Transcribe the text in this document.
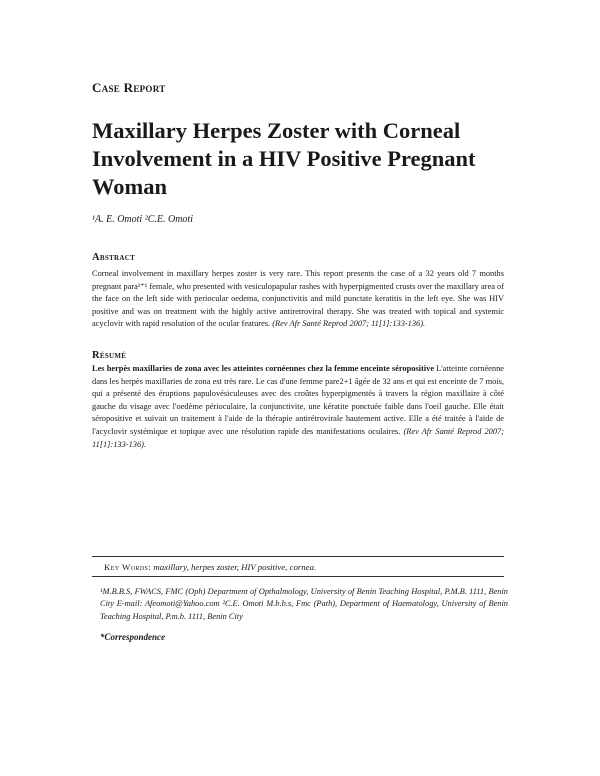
Case Report
Maxillary Herpes Zoster with Corneal Involvement in a HIV Positive Pregnant Woman
¹A. E. Omoti ²C.E. Omoti
Abstract

Corneal involvement in maxillary herpes zoster is very rare. This report presents the case of a 32 years old 7 months pregnant para²⁺¹ female, who presented with vesiculopapular rashes with hyperpigmented crusts over the maxillary area of the face on the left side with periocular oedema, conjunctivitis and mild punctate keratitis in the left eye. She was HIV positive and was on treatment with the highly active antiretroviral therapy. She was treated with topical and systemic acyclovir with rapid resolution of the ocular features. (Rev Afr Santé Reprod 2007; 11[1]:133-136).

Résumé

Les herpès maxillaries de zona avec les atteintes cornéennes chez la femme enceinte séropositive L'atteinte cornéenne dans les herpès maxillaries de zona est très rare. Le cas d'une femme pare2+1 âgée de 32 ans et qui est enceinte de 7 mois, qui a présenté des éruptions papulovésiculeuses avec des croûtes hyperpigmentés à travers la région maxillaire à côté gauche du visage avec l'oedème périoculaire, la conjunctivite, une kératite ponctuée faible dans l'oeil gauche. Elle était séropositive et suivait un traitement à l'aide de la thérapie antirétrovirale hautement active. Elle a été traitée à l'aide de l'acyclovir systémique et topique avec une résolution rapide des manifestations oculaires. (Rev Afr Santé Reprod 2007; 11[1]:133-136).

Key Words: maxillary, herpes zoster, HIV positive, cornea.

¹M.B.B.S, FWACS, FMC (Oph) Department of Opthalmology, University of Benin Teaching Hospital, P.M.B. 1111, Benin City E-mail: Afeomoti@Yahoo.com ²C.E. Omoti M.b.b.s, Fmc (Path), Department of Haematology, University of Benin Teaching Hospital, P.m.b. 1111, Benin City

*Correspondence
